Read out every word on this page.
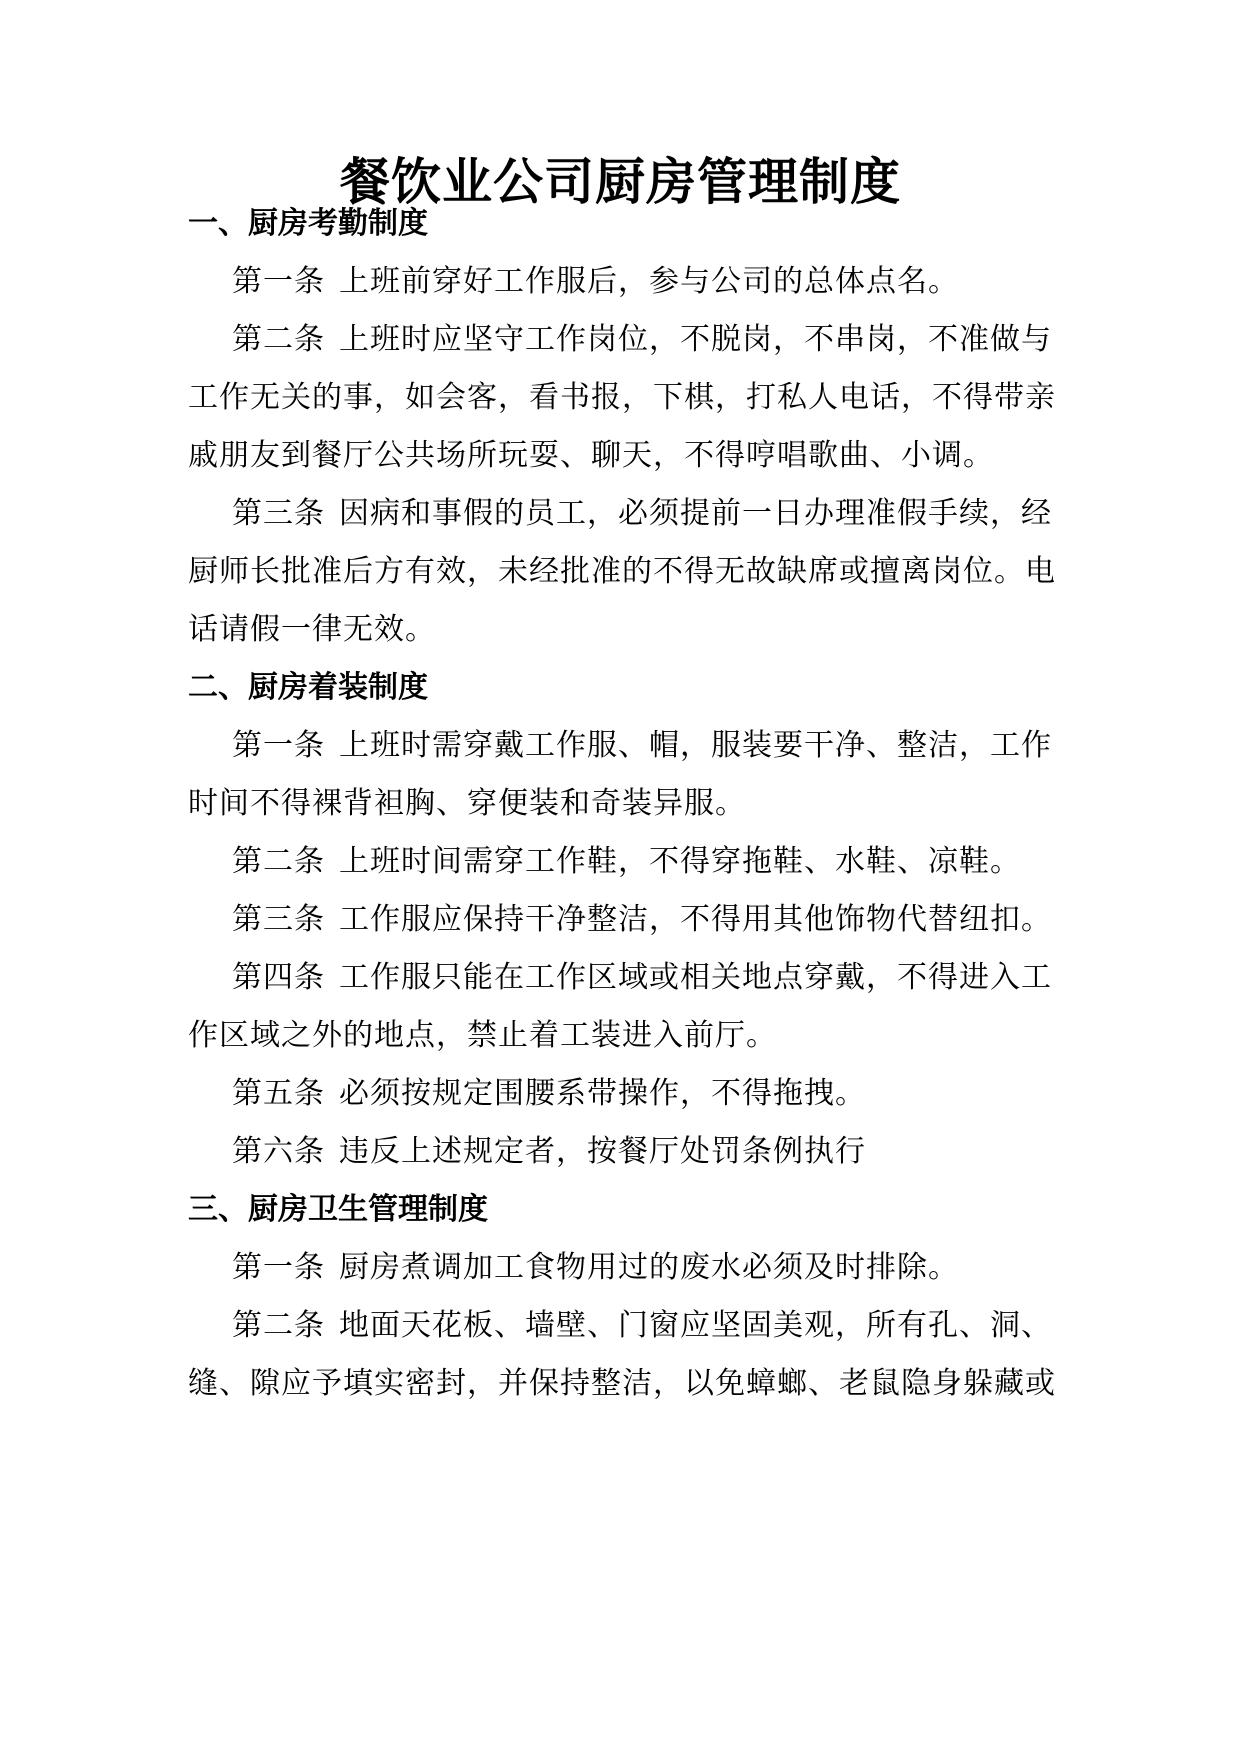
餐饮业公司厨房管理制度
一、厨房考勤制度
第一条 上班前穿好工作服后，参与公司的总体点名。
第二条 上班时应坚守工作岗位，不脱岗，不串岗，不准做与
工作无关的事，如会客，看书报，下棋，打私人电话，不得带亲
戚朋友到餐厅公共场所玩耍、聊天，不得哼唱歌曲、小调。
第三条 因病和事假的员工，必须提前一日办理准假手续，经
厨师长批准后方有效，未经批准的不得无故缺席或擅离岗位。电
话请假一律无效。
二、厨房着装制度
第一条 上班时需穿戴工作服、帽，服装要干净、整洁，工作
时间不得裸背袒胸、穿便装和奇装异服。
第二条 上班时间需穿工作鞋，不得穿拖鞋、水鞋、凉鞋。
第三条 工作服应保持干净整洁，不得用其他饰物代替纽扣。
第四条 工作服只能在工作区域或相关地点穿戴，不得进入工
作区域之外的地点，禁止着工装进入前厅。
第五条 必须按规定围腰系带操作，不得拖拽。
第六条 违反上述规定者，按餐厅处罚条例执行
三、厨房卫生管理制度
第一条 厨房煮调加工食物用过的废水必须及时排除。
第二条 地面天花板、墙壁、门窗应坚固美观，所有孔、洞、
缝、隙应予填实密封，并保持整洁，以免蟑螂、老鼠隐身躲藏或
